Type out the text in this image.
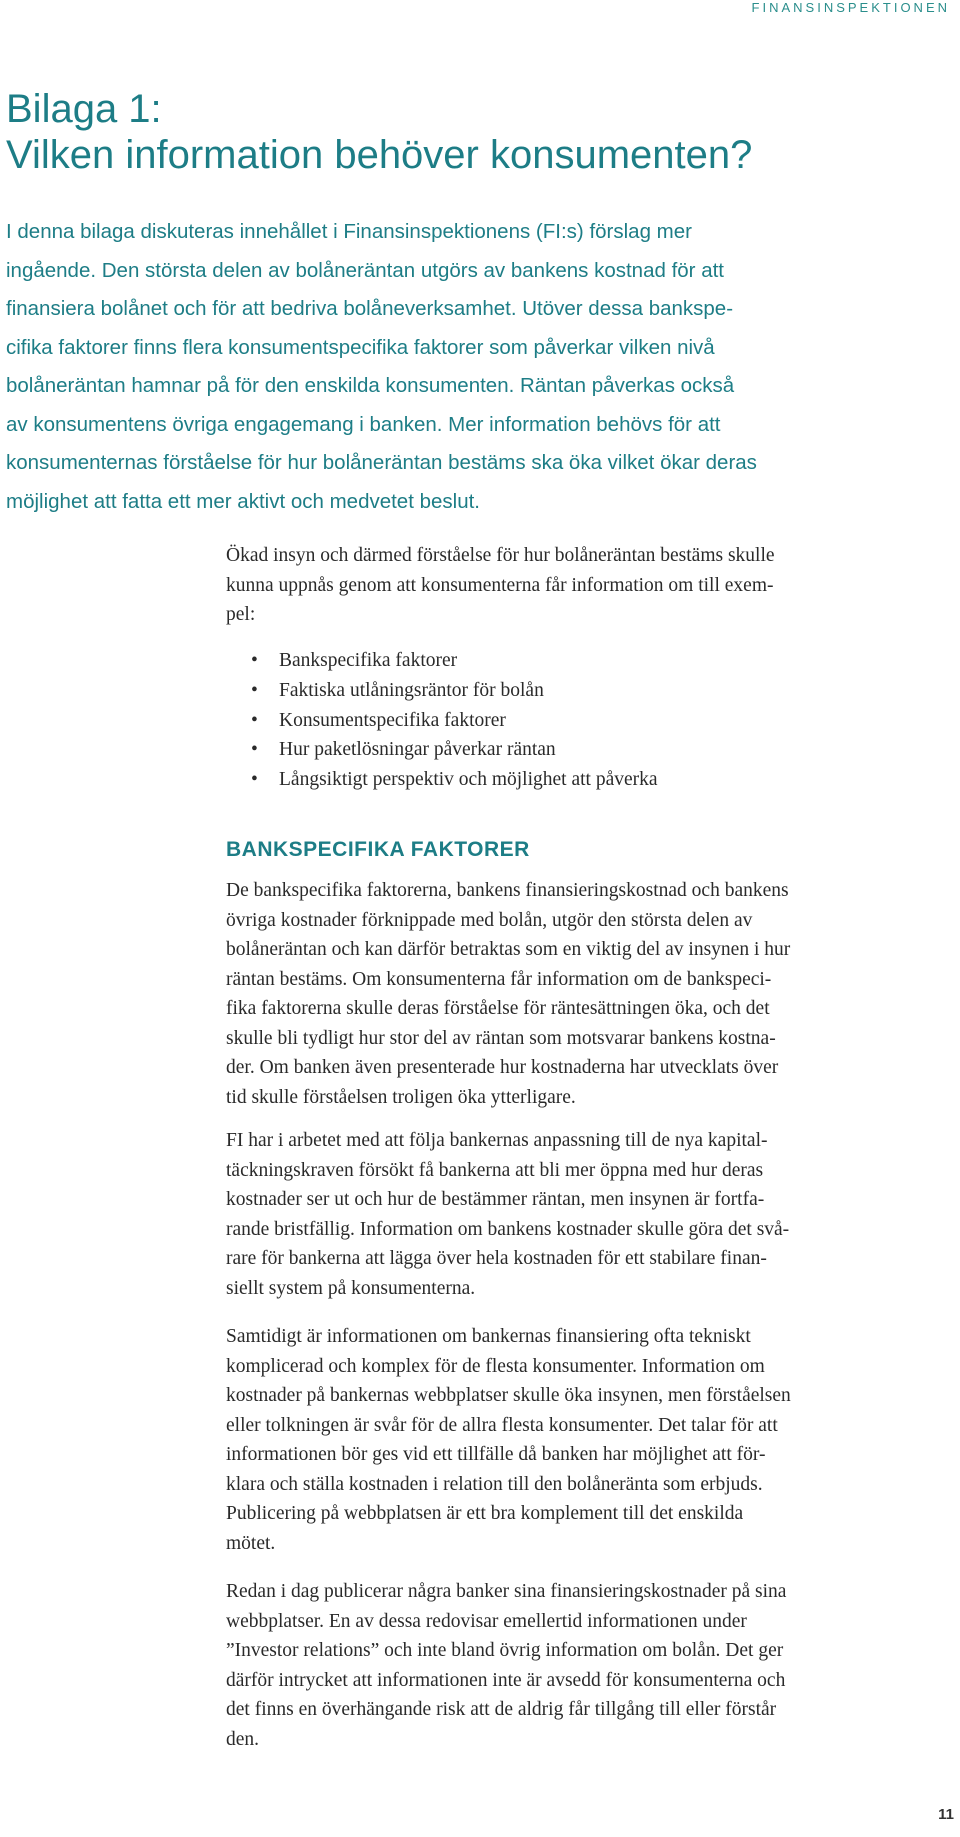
FINANSINSPEKTIONEN
Bilaga 1:
Vilken information behöver konsumenten?
I denna bilaga diskuteras innehållet i Finansinspektionens (FI:s) förslag mer
ingående. Den största delen av bolåneräntan utgörs av bankens kostnad för att
finansiera bolånet och för att bedriva bolåneverksamhet. Utöver dessa bankspe-
cifika faktorer finns flera konsumentspecifika faktorer som påverkar vilken nivå
bolåneräntan hamnar på för den enskilda konsumenten. Räntan påverkas också
av konsumentens övriga engagemang i banken. Mer information behövs för att
konsumenternas förståelse för hur bolåneräntan bestäms ska öka vilket ökar deras
möjlighet att fatta ett mer aktivt och medvetet beslut.
Ökad insyn och därmed förståelse för hur bolåneräntan bestäms skulle
kunna uppnås genom att konsumenterna får information om till exem-
pel:
• Bankspecifika faktorer
• Faktiska utlåningsräntor för bolån
• Konsumentspecifika faktorer
• Hur paketlösningar påverkar räntan
• Långsiktigt perspektiv och möjlighet att påverka
BANKSPECIFIKA FAKTORER
De bankspecifika faktorerna, bankens finansieringskostnad och bankens
övriga kostnader förknippade med bolån, utgör den största delen av
bolåneräntan och kan därför betraktas som en viktig del av insynen i hur
räntan bestäms. Om konsumenterna får information om de bankspeci-
fika faktorerna skulle deras förståelse för räntesättningen öka, och det
skulle bli tydligt hur stor del av räntan som motsvarar bankens kostna-
der. Om banken även presenterade hur kostnaderna har utvecklats över
tid skulle förståelsen troligen öka ytterligare.
FI har i arbetet med att följa bankernas anpassning till de nya kapital-
täckningskraven försökt få bankerna att bli mer öppna med hur deras
kostnader ser ut och hur de bestämmer räntan, men insynen är fortfa-
rande bristfällig. Information om bankens kostnader skulle göra det svå-
rare för bankerna att lägga över hela kostnaden för ett stabilare finan-
siellt system på konsumenterna.
Samtidigt är informationen om bankernas finansiering ofta tekniskt
komplicerad och komplex för de flesta konsumenter. Information om
kostnader på bankernas webbplatser skulle öka insynen, men förståelsen
eller tolkningen är svår för de allra flesta konsumenter. Det talar för att
informationen bör ges vid ett tillfälle då banken har möjlighet att för-
klara och ställa kostnaden i relation till den bolåneränta som erbjuds.
Publicering på webbplatsen är ett bra komplement till det enskilda
mötet.
Redan i dag publicerar några banker sina finansieringskostnader på sina
webbplatser. En av dessa redovisar emellertid informationen under
”Investor relations” och inte bland övrig information om bolån. Det ger
därför intrycket att informationen inte är avsedd för konsumenterna och
det finns en överhängande risk att de aldrig får tillgång till eller förstår
den.
11
